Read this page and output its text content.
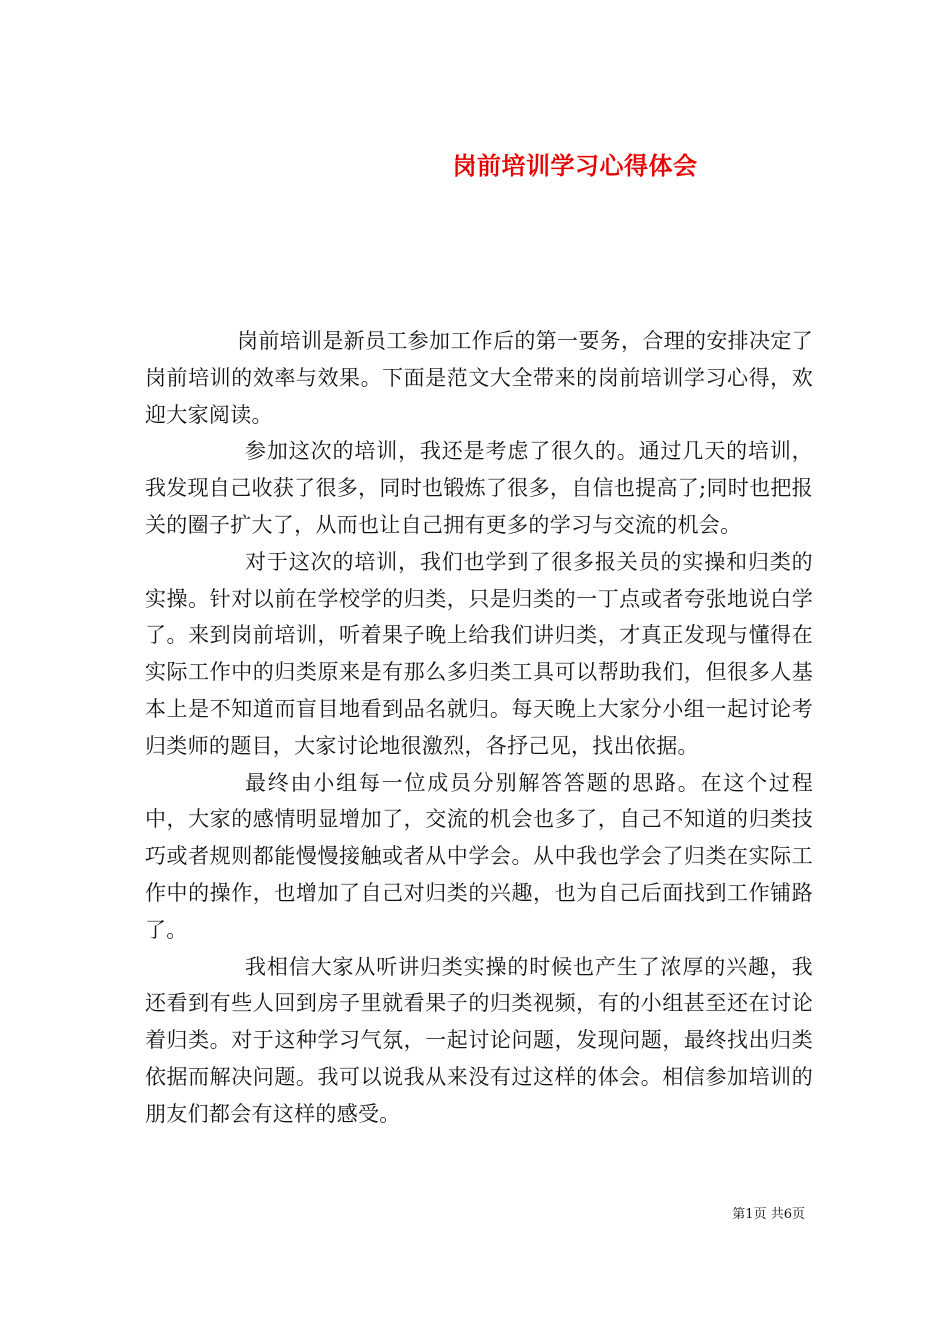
岗前培训学习心得体会

岗前培训是新员工参加工作后的第一要务，合理的安排决定了岗前培训的效率与效果。下面是范文大全带来的岗前培训学习心得，欢迎大家阅读。

参加这次的培训，我还是考虑了很久的。通过几天的培训，我发现自己收获了很多，同时也锻炼了很多，自信也提高了;同时也把报关的圈子扩大了，从而也让自己拥有更多的学习与交流的机会。

对于这次的培训，我们也学到了很多报关员的实操和归类的实操。针对以前在学校学的归类，只是归类的一丁点或者夸张地说白学了。来到岗前培训，听着果子晚上给我们讲归类，才真正发现与懂得在实际工作中的归类原来是有那么多归类工具可以帮助我们，但很多人基本上是不知道而盲目地看到品名就归。每天晚上大家分小组一起讨论考归类师的题目，大家讨论地很激烈，各抒己见，找出依据。

最终由小组每一位成员分别解答答题的思路。在这个过程中，大家的感情明显增加了，交流的机会也多了，自己不知道的归类技巧或者规则都能慢慢接触或者从中学会。从中我也学会了归类在实际工作中的操作，也增加了自己对归类的兴趣，也为自己后面找到工作铺路了。

我相信大家从听讲归类实操的时候也产生了浓厚的兴趣，我还看到有些人回到房子里就看果子的归类视频，有的小组甚至还在讨论着归类。对于这种学习气氛，一起讨论问题，发现问题，最终找出归类依据而解决问题。我可以说我从来没有过这样的体会。相信参加培训的朋友们都会有这样的感受。

第1页 共6页
